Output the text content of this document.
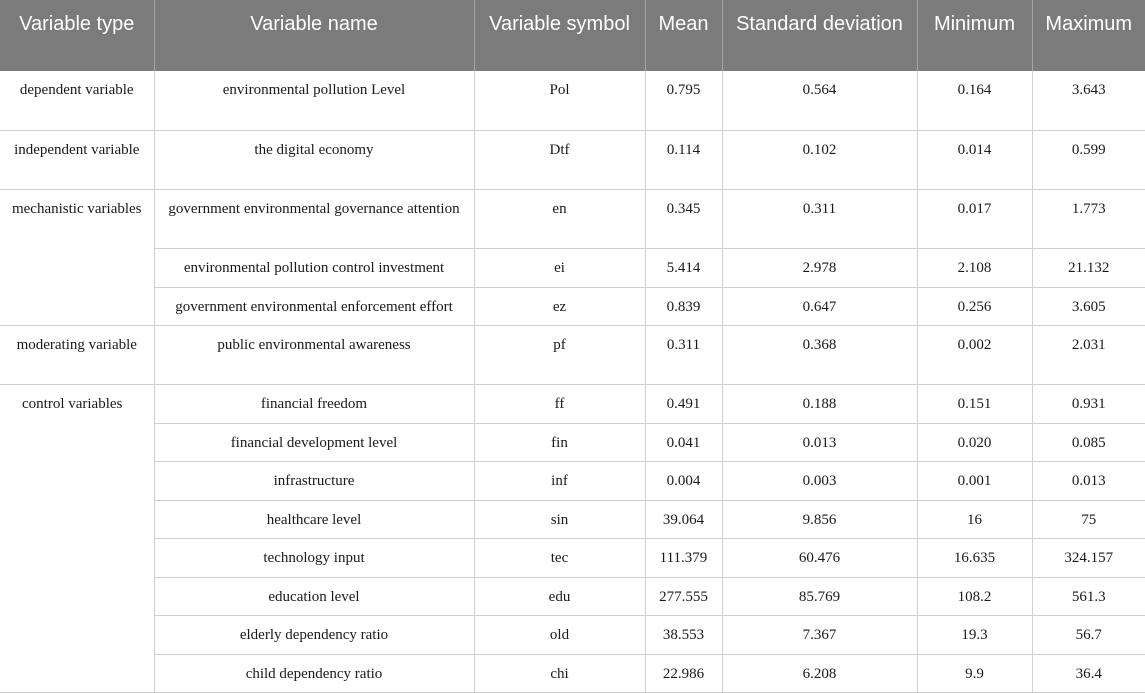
Variable type	Variable name	Variable symbol	Mean	Standard deviation	Minimum	Maximum
dependent variable	environmental pollution Level	Pol	0.795	0.564	0.164	3.643
independent variable	the digital economy	Dtf	0.114	0.102	0.014	0.599
mechanistic variables	government environmental governance attention	en	0.345	0.311	0.017	1.773
	environmental pollution control investment	ei	5.414	2.978	2.108	21.132
	government environmental enforcement effort	ez	0.839	0.647	0.256	3.605
moderating variable	public environmental awareness	pf	0.311	0.368	0.002	2.031
control variables	financial freedom	ff	0.491	0.188	0.151	0.931
	financial development level	fin	0.041	0.013	0.020	0.085
	infrastructure	inf	0.004	0.003	0.001	0.013
	healthcare level	sin	39.064	9.856	16	75
	technology input	tec	111.379	60.476	16.635	324.157
	education level	edu	277.555	85.769	108.2	561.3
	elderly dependency ratio	old	38.553	7.367	19.3	56.7
	child dependency ratio	chi	22.986	6.208	9.9	36.4
